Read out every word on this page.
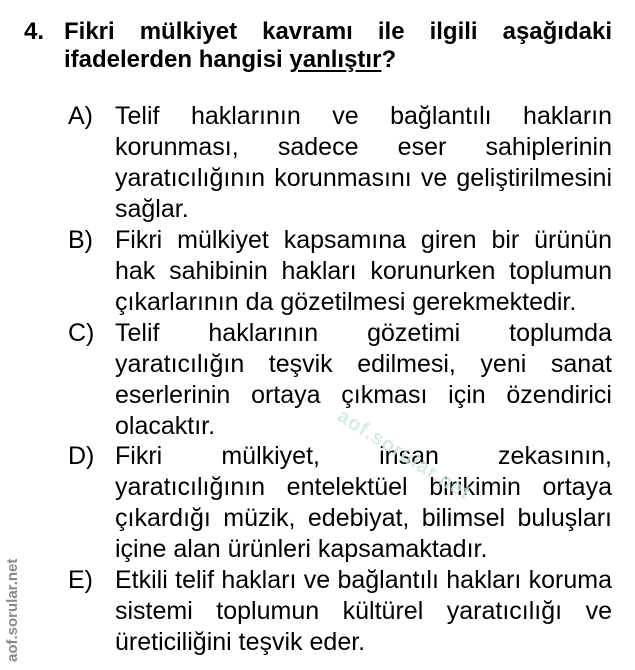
4. Fikri mülkiyet kavramı ile ilgili aşağıdaki ifadelerden hangisi yanlıştır?
A) Telif haklarının ve bağlantılı hakların korunması, sadece eser sahiplerinin yaratıcılığının korunmasını ve geliştirilmesini sağlar.
B) Fikri mülkiyet kapsamına giren bir ürünün hak sahibinin hakları korunurken toplumun çıkarlarının da gözetilmesi gerekmektedir.
C) Telif haklarının gözetimi toplumda yaratıcılığın teşvik edilmesi, yeni sanat eserlerinin ortaya çıkması için özendirici olacaktır.
D) Fikri mülkiyet, insan zekasının, yaratıcılığının entelektüel birikimin ortaya çıkardığı müzik, edebiyat, bilimsel buluşları içine alan ürünleri kapsamaktadır.
E) Etkili telif hakları ve bağlantılı hakları koruma sistemi toplumun kültürel yaratıcılığı ve üreticiliğini teşvik eder.
aof.sorular.net
aof.sorular.net
